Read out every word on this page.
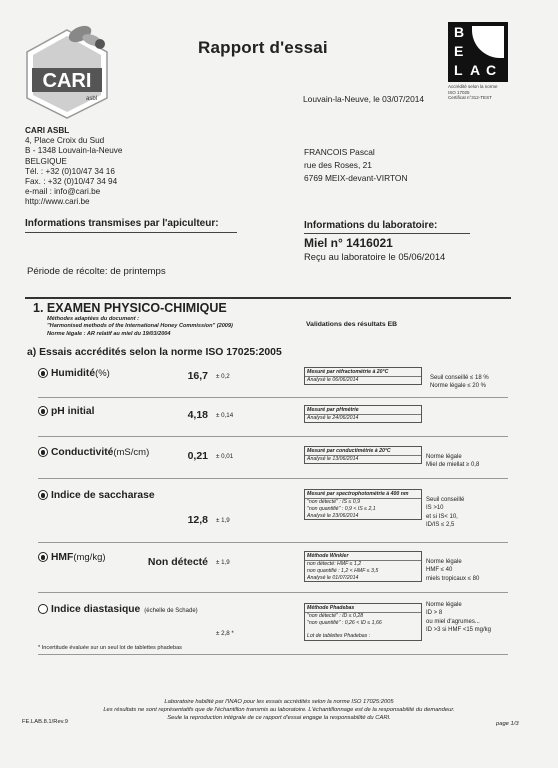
CARI
asbl
Rapport d'essai
B
E
L A C
Accrédité selon la norme
ISO 17025
Certificat n°312-TEST
CARI ASBL
4, Place Croix du Sud
B - 1348 Louvain-la-Neuve
BELGIQUE
Tél. : +32 (0)10/47 34 16
Fax. : +32 (0)10/47 34 94
e-mail : info@cari.be
http://www.cari.be
Louvain-la-Neuve, le 03/07/2014
FRANCOIS Pascal
rue des Roses, 21
6769 MEIX-devant-VIRTON
Informations transmises par l'apiculteur:	Informations du laboratoire:
Miel n° 1416021
Reçu au laboratoire le 05/06/2014
Période de récolte: de printemps
1. EXAMEN PHYSICO-CHIMIQUE
Méthodes adaptées du document :
"Harmonised methods of the International Honey Commission" (2009)
Norme légale : AR relatif au miel du 19/03/2004
Validations des résultats EB
a) Essais accrédités selon la norme ISO 17025:2005
Humidité(%)	16,7 ± 0,2
Mesuré par réfractométrie à 20°C
Analysé le 06/06/2014	Seuil conseillé ≤ 18 %
Norme légale ≤ 20 %
pH initial	4,18 ± 0,14
Mesuré par pHmétrie
Analysé le 24/06/2014
Conductivité(mS/cm)	0,21 ± 0,01
Mesuré par conductimétrie à 20°C
Analysé le 13/06/2014	Norme légale
Miel de miellat ≥ 0,8
Indice de saccharase
12,8 ± 1,9
Mesuré par spectrophotométrie à 400 nm
"non détecté" : IS ≤ 0,9
"non quantifié" : 0,9 < IS ≤ 2,1
Analysé le 23/06/2014
Seuil conseillé
IS >10
et si IS< 10,
ID/IS ≤ 2,5
HMF(mg/kg)	Non détecté ± 1,9
Méthode Winkler
non détecté: HMF ≤ 1,2
non quantifié : 1,2 < HMF ≤ 3,5
Analysé le 01/07/2014
Norme légale
HMF ≤ 40
miels tropicaux ≤ 80
Indice diastasique (échelle de Schade)
± 2,8 *
Méthode Phadebas
"non détecté" : ID ≤ 0,28
"non quantifié" : 0,26 < ID ≤ 1,66

Lot de tablettes Phadebas :
Norme légale
ID > 8
ou miel d'agrumes...
ID >3 si HMF <15 mg/kg
* Incertitude évaluée sur un seul lot de tablettes phadebas
Laboratoire habilité par l'INAO pour les essais accrédités selon la norme ISO 17025:2005
Les résultats ne sont représentatifs que de l'échantillon transmis au laboratoire. L'échantillonnage est de la responsabilité du demandeur.
Seule la reproduction intégrale de ce rapport d'essai engage la responsabilité du CARI.
FE.LAB.8.1/Rev.9	page 1/3
